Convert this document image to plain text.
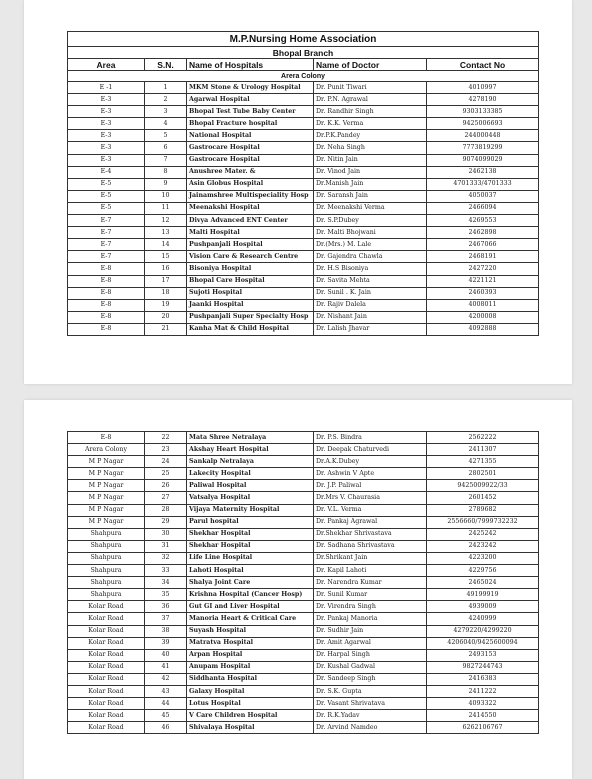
M.P.Nursing Home Association				
Bhopal Branch				
Area	S.N.	Name of Hospitals	Name of Doctor	Contact No
Arera Colony				
E -1	1	MKM Stone & Urology Hospital	Dr. Punit Tiwari	4010997
E-3	2	Agarwal Hospital	Dr. P.N. Agrawal	4278190
E-3	3	Bhopal Test Tube Baby Center	Dr. Randhir Singh	9303133385
E-3	4	Bhopal Fracture hospital	Dr. K.K. Verma	9425006693
E-3	5	National Hospital	Dr.P.K.Pandey	244000448
E-3	6	Gastrocare Hospital	Dr. Neha Singh	7773819299
E-3	7	Gastrocare Hospital	Dr. Nitin Jain	9074099029
E-4	8	Anushree Mater. &	Dr. Vinod Jain	2462138
E-5	9	Asin Globus Hospital	Dr.Manish Jain	4701333/4701333
E-5	10	Jainamshree Multispeciality Hosp	Dr. Saransh Jain	4050037
E-5	11	Meenakshi Hospital	Dr. Meenakshi Verma	2466094
E-7	12	Divya Advanced ENT Center	Dr. S.P.Dubey	4269553
E-7	13	Malti Hospital	Dr. Malti Bhojwani	2462898
E-7	14	Pushpanjali Hospital	Dr.(Mrs.) M. Lale	2467066
E-7	15	Vision Care & Research Centre	Dr. Gajendra Chawla	2468191
E-8	16	Bisoniya Hospital	Dr. H.S Bisoniya	2427220
E-8	17	Bhopal Care Hospital	Dr. Savita Mehta	4221121
E-8	18	Sujoti Hospital	Dr. Sunil . K. Jain	2460393
E-8	19	Jaanki Hospital	Dr. Rajiv Dalela	4008011
E-8	20	Pushpanjali Super Specialty Hosp	Dr. Nishant Jain	4200008
E-8	21	Kanha Mat & Child Hospital	Dr. Lalish Jhavar	4092888
E-8	22	Mata Shree Netralaya	Dr. P.S. Bindra	2562222
Arera Colony	23	Akshay Heart Hospital	Dr. Deepak Chaturvedi	2411307
M P Nagar	24	Sankalp Netralaya	Dr.A.K.Dubey	4271355
M P Nagar	25	Lakecity Hospital	Dr. Ashwin V Apte	2802501
M P Nagar	26	Paliwal Hospital	Dr. J.P. Paliwal	9425009922/33
M P Nagar	27	Vatsalya Hospital	Dr.Mrs V. Chaurasia	2601452
M P Nagar	28	Vijaya Maternity Hospital	Dr. V.L. Verma	2789682
M P Nagar	29	Parul hospital	Dr. Pankaj Agrawal	2556660/7999732232
Shahpura	30	Shekhar Hospital	Dr.Shekhar Shrivastava	2425242
Shahpura	31	Shekhar Hospital	Dr. Sadhana Shrivastava	2423242
Shahpura	32	Life Line Hospital	Dr.Shrikant Jain	4223200
Shahpura	33	Lahoti Hospital	Dr. Kapil Lahoti	4229756
Shahpura	34	Shalya Joint Care	Dr. Narendra Kumar	2465024
Shahpura	35	Krishna Hospital (Cancer Hosp)	Dr. Sunil Kumar	49199919
Kolar Road	36	Gut GI and Liver Hospital	Dr. Virendra Singh	4939009
Kolar Road	37	Manoria Heart & Critical Care	Dr. Pankaj Manoria	4240999
Kolar Road	38	Suyash Hospital	Dr. Sudhir Jain	4279220/4299220
Kolar Road	39	Matratva Hospital	Dr. Amit Agarwal	4206040/9425600094
Kolar Road	40	Arpan Hospital	Dr. Harpal Singh	2493153
Kolar Road	41	Anupam Hospital	Dr. Kushal Gadwal	9827244743
Kolar Road	42	Siddhanta Hospital	Dr. Sandeep Singh	2416383
Kolar Road	43	Galaxy Hospital	Dr. S.K. Gupta	2411222
Kolar Road	44	Lotus Hospital	Dr. Vasant Shrivatava	4093322
Kolar Road	45	V Care Children Hospital	Dr. R.K.Yadav	2414550
Kolar Road	46	Shivalaya Hospital	Dr. Arvind Namdeo	6262106767
